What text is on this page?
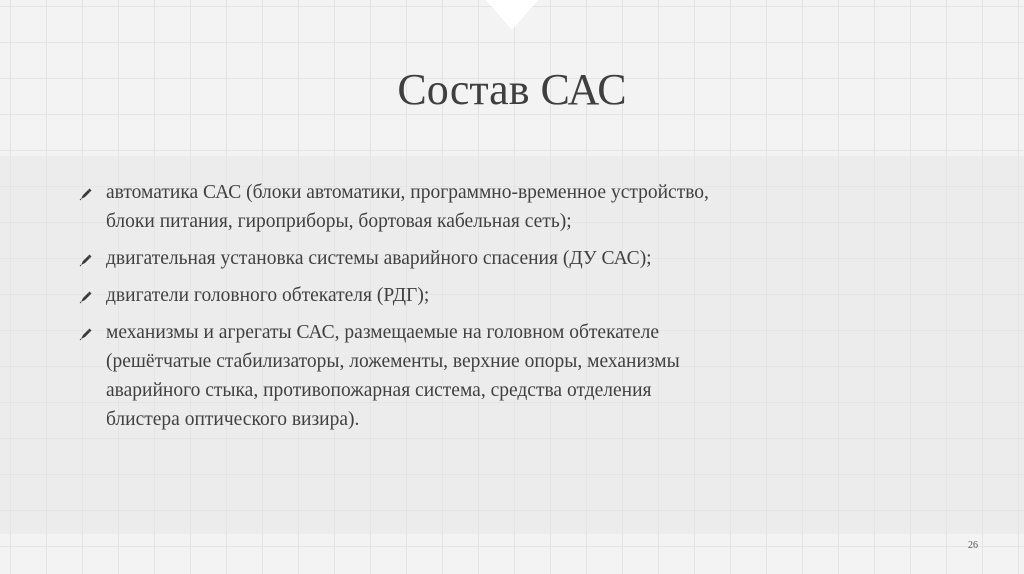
Состав САС
автоматика САС (блоки автоматики, программно-временное устройство, блоки питания, гироприборы, бортовая кабельная сеть);
двигательная установка системы аварийного спасения (ДУ САС);
двигатели головного обтекателя (РДГ);
механизмы и агрегаты САС, размещаемые на головном обтекателе (решётчатые стабилизаторы, ложементы, верхние опоры, механизмы аварийного стыка, противопожарная система, средства отделения блистера оптического визира).
26
